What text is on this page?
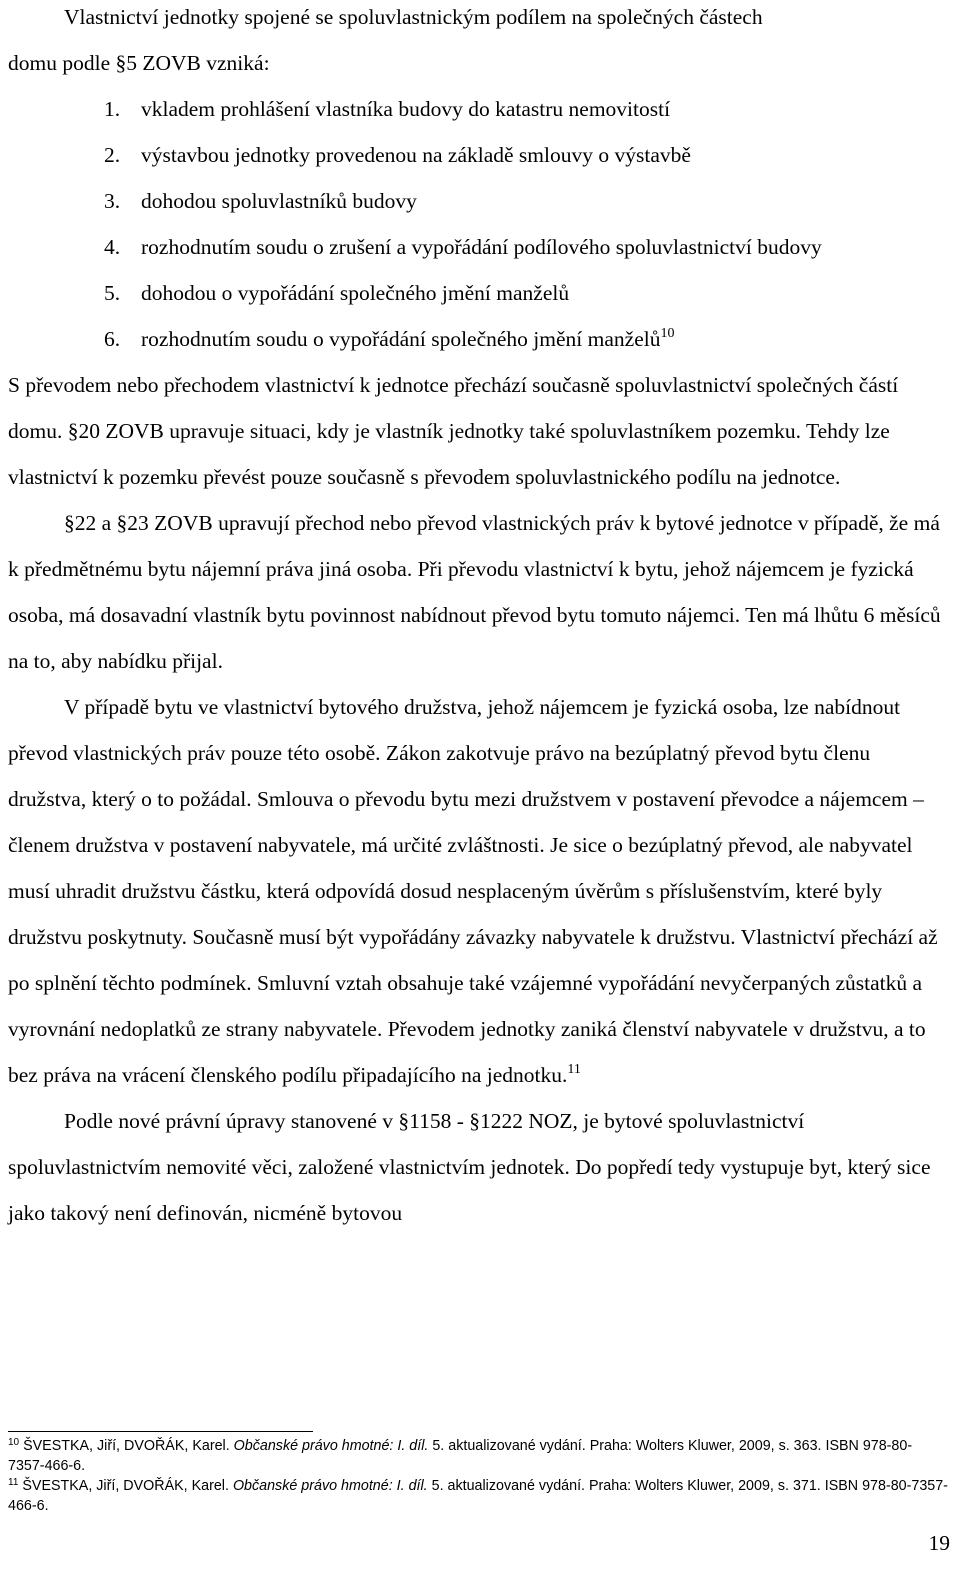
Vlastnictví jednotky spojené se spoluvlastnickým podílem na společných částech

domu podle §5 ZOVB vzniká:

1. vkladem prohlášení vlastníka budovy do katastru nemovitostí
2. výstavbou jednotky provedenou na základě smlouvy o výstavbě
3. dohodou spoluvlastníků budovy
4. rozhodnutím soudu o zrušení a vypořádání podílového spoluvlastnictví budovy
5. dohodou o vypořádání společného jmění manželů
6. rozhodnutím soudu o vypořádání společného jmění manželů$^{10}$

S převodem nebo přechodem vlastnictví k jednotce přechází současně spoluvlastnictví společných částí domu. §20 ZOVB upravuje situaci, kdy je vlastník jednotky také spoluvlastníkem pozemku. Tehdy lze vlastnictví k pozemku převést pouze současně s převodem spoluvlastnického podílu na jednotce.

§22 a §23 ZOVB upravují přechod nebo převod vlastnických práv k bytové jednotce v případě, že má k předmětnému bytu nájemní práva jiná osoba. Při převodu vlastnictví k bytu, jehož nájemcem je fyzická osoba, má dosavadní vlastník bytu povinnost nabídnout převod bytu tomuto nájemci. Ten má lhůtu 6 měsíců na to, aby nabídku přijal.

V případě bytu ve vlastnictví bytového družstva, jehož nájemcem je fyzická osoba, lze nabídnout převod vlastnických práv pouze této osobě. Zákon zakotvuje právo na bezúplatný převod bytu členu družstva, který o to požádal. Smlouva o převodu bytu mezi družstvem v postavení převodce a nájemcem – členem družstva v postavení nabyvatele, má určité zvláštnosti. Je sice o bezúplatný převod, ale nabyvatel musí uhradit družstvu částku, která odpovídá dosud nesplaceným úvěrům s příslušenstvím, které byly družstvu poskytnuty. Současně musí být vypořádány závazky nabyvatele k družstvu. Vlastnictví přechází až po splnění těchto podmínek. Smluvní vztah obsahuje také vzájemné vypořádání nevyčerpaných zůstatků a vyrovnání nedoplatků ze strany nabyvatele. Převodem jednotky zaniká členství nabyvatele v družstvu, a to bez práva na vrácení členského podílu připadajícího na jednotku.$^{11}$

Podle nové právní úpravy stanovené v §1158 - §1222 NOZ, je bytové spoluvlastnictví spoluvlastnictvím nemovité věci, založené vlastnictvím jednotek. Do popředí tedy vystupuje byt, který sice jako takový není definován, nicméně bytovou

$^{10}$ ŠVESTKA, Jiří, DVOŘÁK, Karel. Občanské právo hmotné: I. díl. 5. aktualizované vydání. Praha: Wolters Kluwer, 2009, s. 363. ISBN 978-80-7357-466-6.

$^{11}$ ŠVESTKA, Jiří, DVOŘÁK, Karel. Občanské právo hmotné: I. díl. 5. aktualizované vydání. Praha: Wolters Kluwer, 2009, s. 371. ISBN 978-80-7357-466-6.

19
